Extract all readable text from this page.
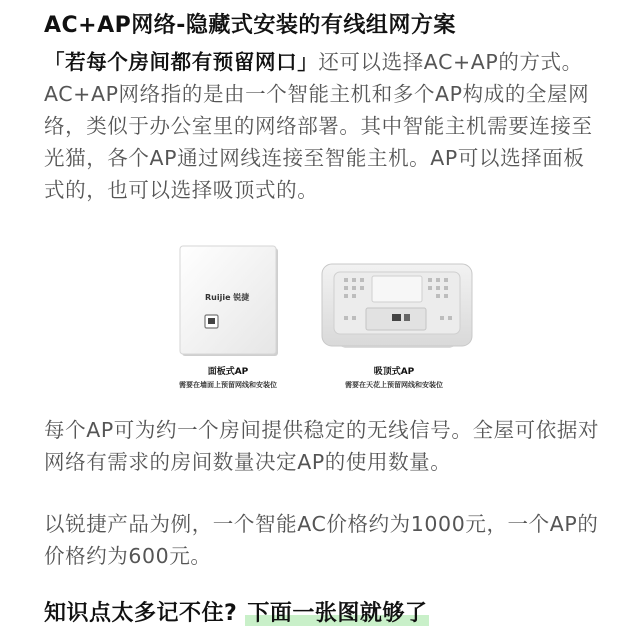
AC+AP网络-隐藏式安装的有线组网方案
「若每个房间都有预留网口」还可以选择AC+AP的方式。AC+AP网络指的是由一个智能主机和多个AP构成的全屋网络，类似于办公室里的网络部署。其中智能主机需要连接至光猫，各个AP通过网线连接至智能主机。AP可以选择面板式的，也可以选择吸顶式的。
面板式AP
需要在墙面上预留网线和安装位
吸顶式AP
需要在天花上预留网线和安装位
Ruijie 锐捷
每个AP可为约一个房间提供稳定的无线信号。全屋可依据对网络有需求的房间数量决定AP的使用数量。
以锐捷产品为例，一个智能AC价格约为1000元，一个AP的价格约为600元。
知识点太多记不住? 下面一张图就够了
